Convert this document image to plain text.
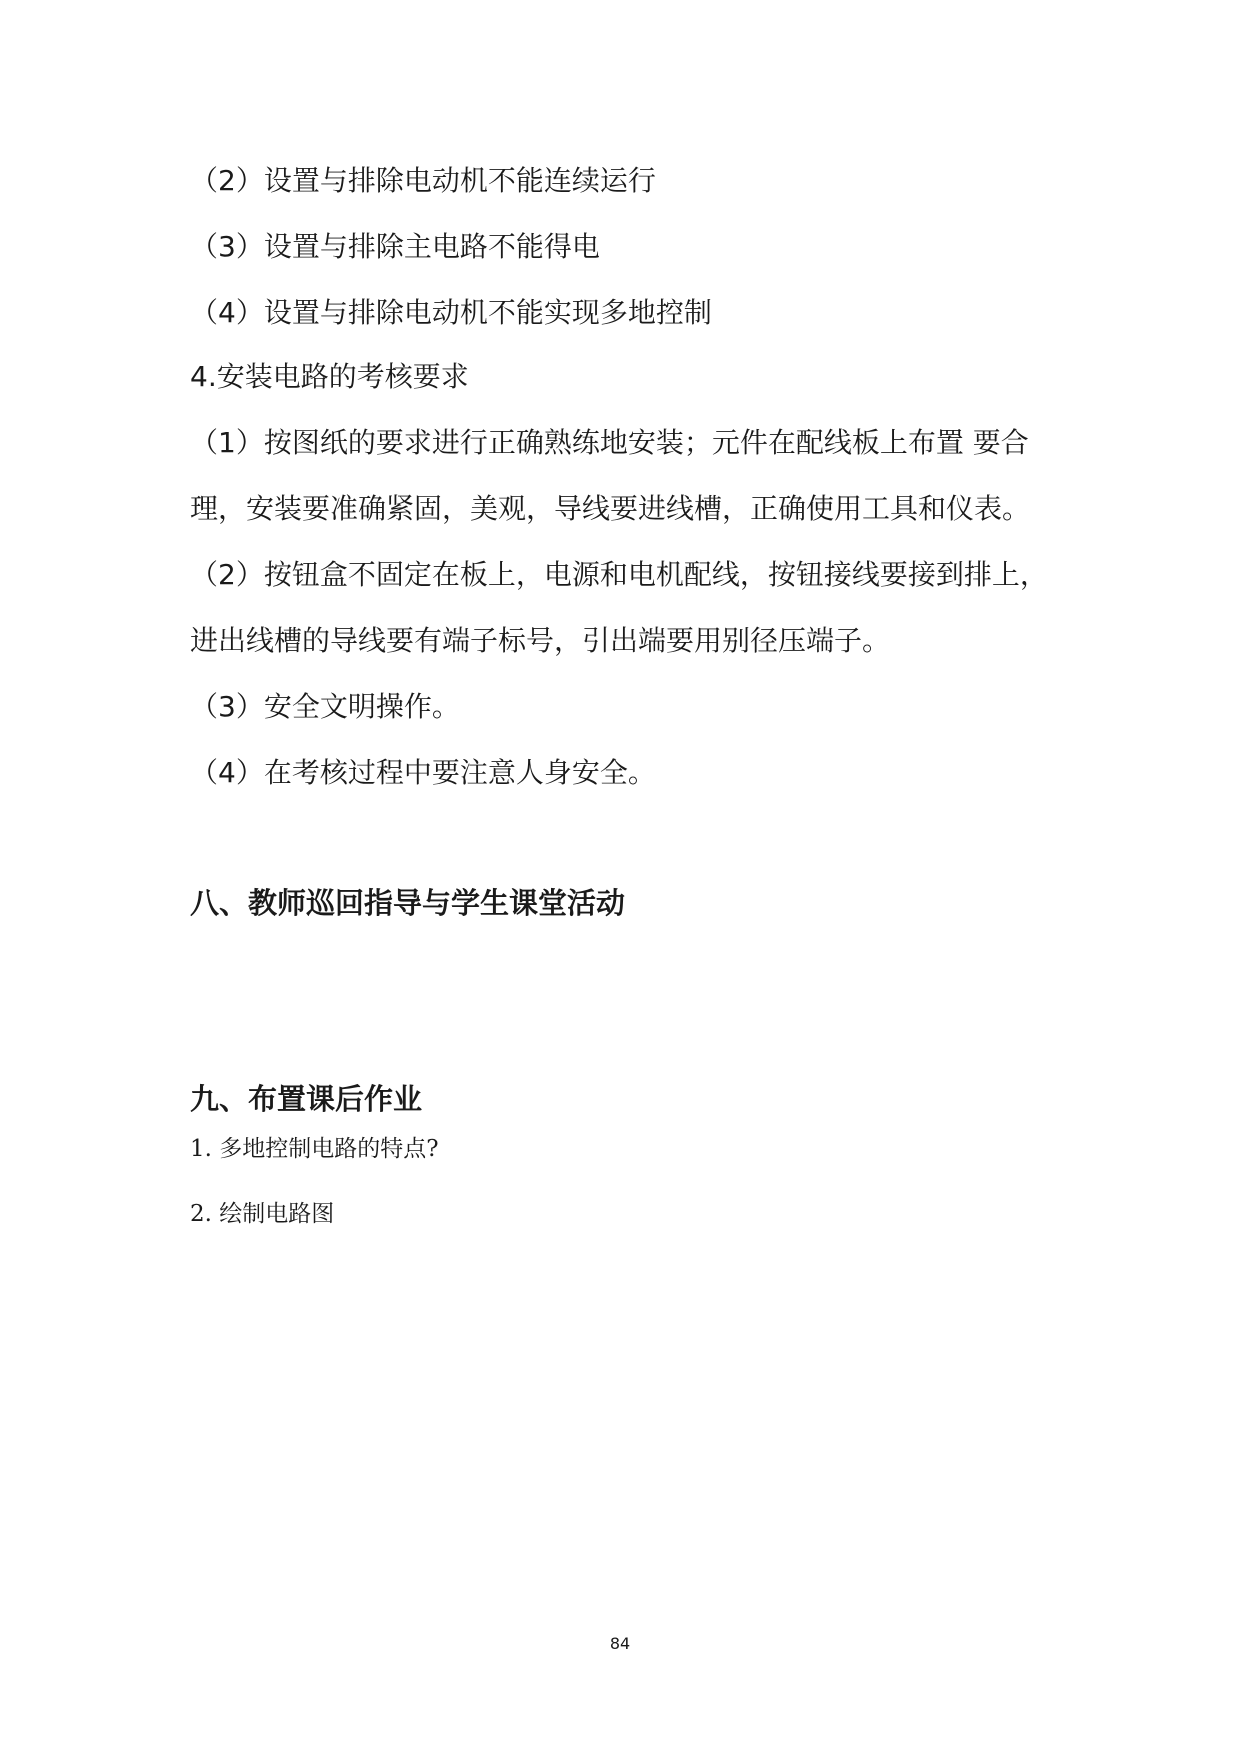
（2）设置与排除电动机不能连续运行
（3）设置与排除主电路不能得电
（4）设置与排除电动机不能实现多地控制
4.安装电路的考核要求
（1）按图纸的要求进行正确熟练地安装；元件在配线板上布置 要合
理，安装要准确紧固，美观，导线要进线槽，正确使用工具和仪表。
（2）按钮盒不固定在板上，电源和电机配线，按钮接线要接到排上，
进出线槽的导线要有端子标号，引出端要用别径压端子。
（3）安全文明操作。
（4）在考核过程中要注意人身安全。
八、教师巡回指导与学生课堂活动
九、布置课后作业
1. 多地控制电路的特点?
2. 绘制电路图
84
